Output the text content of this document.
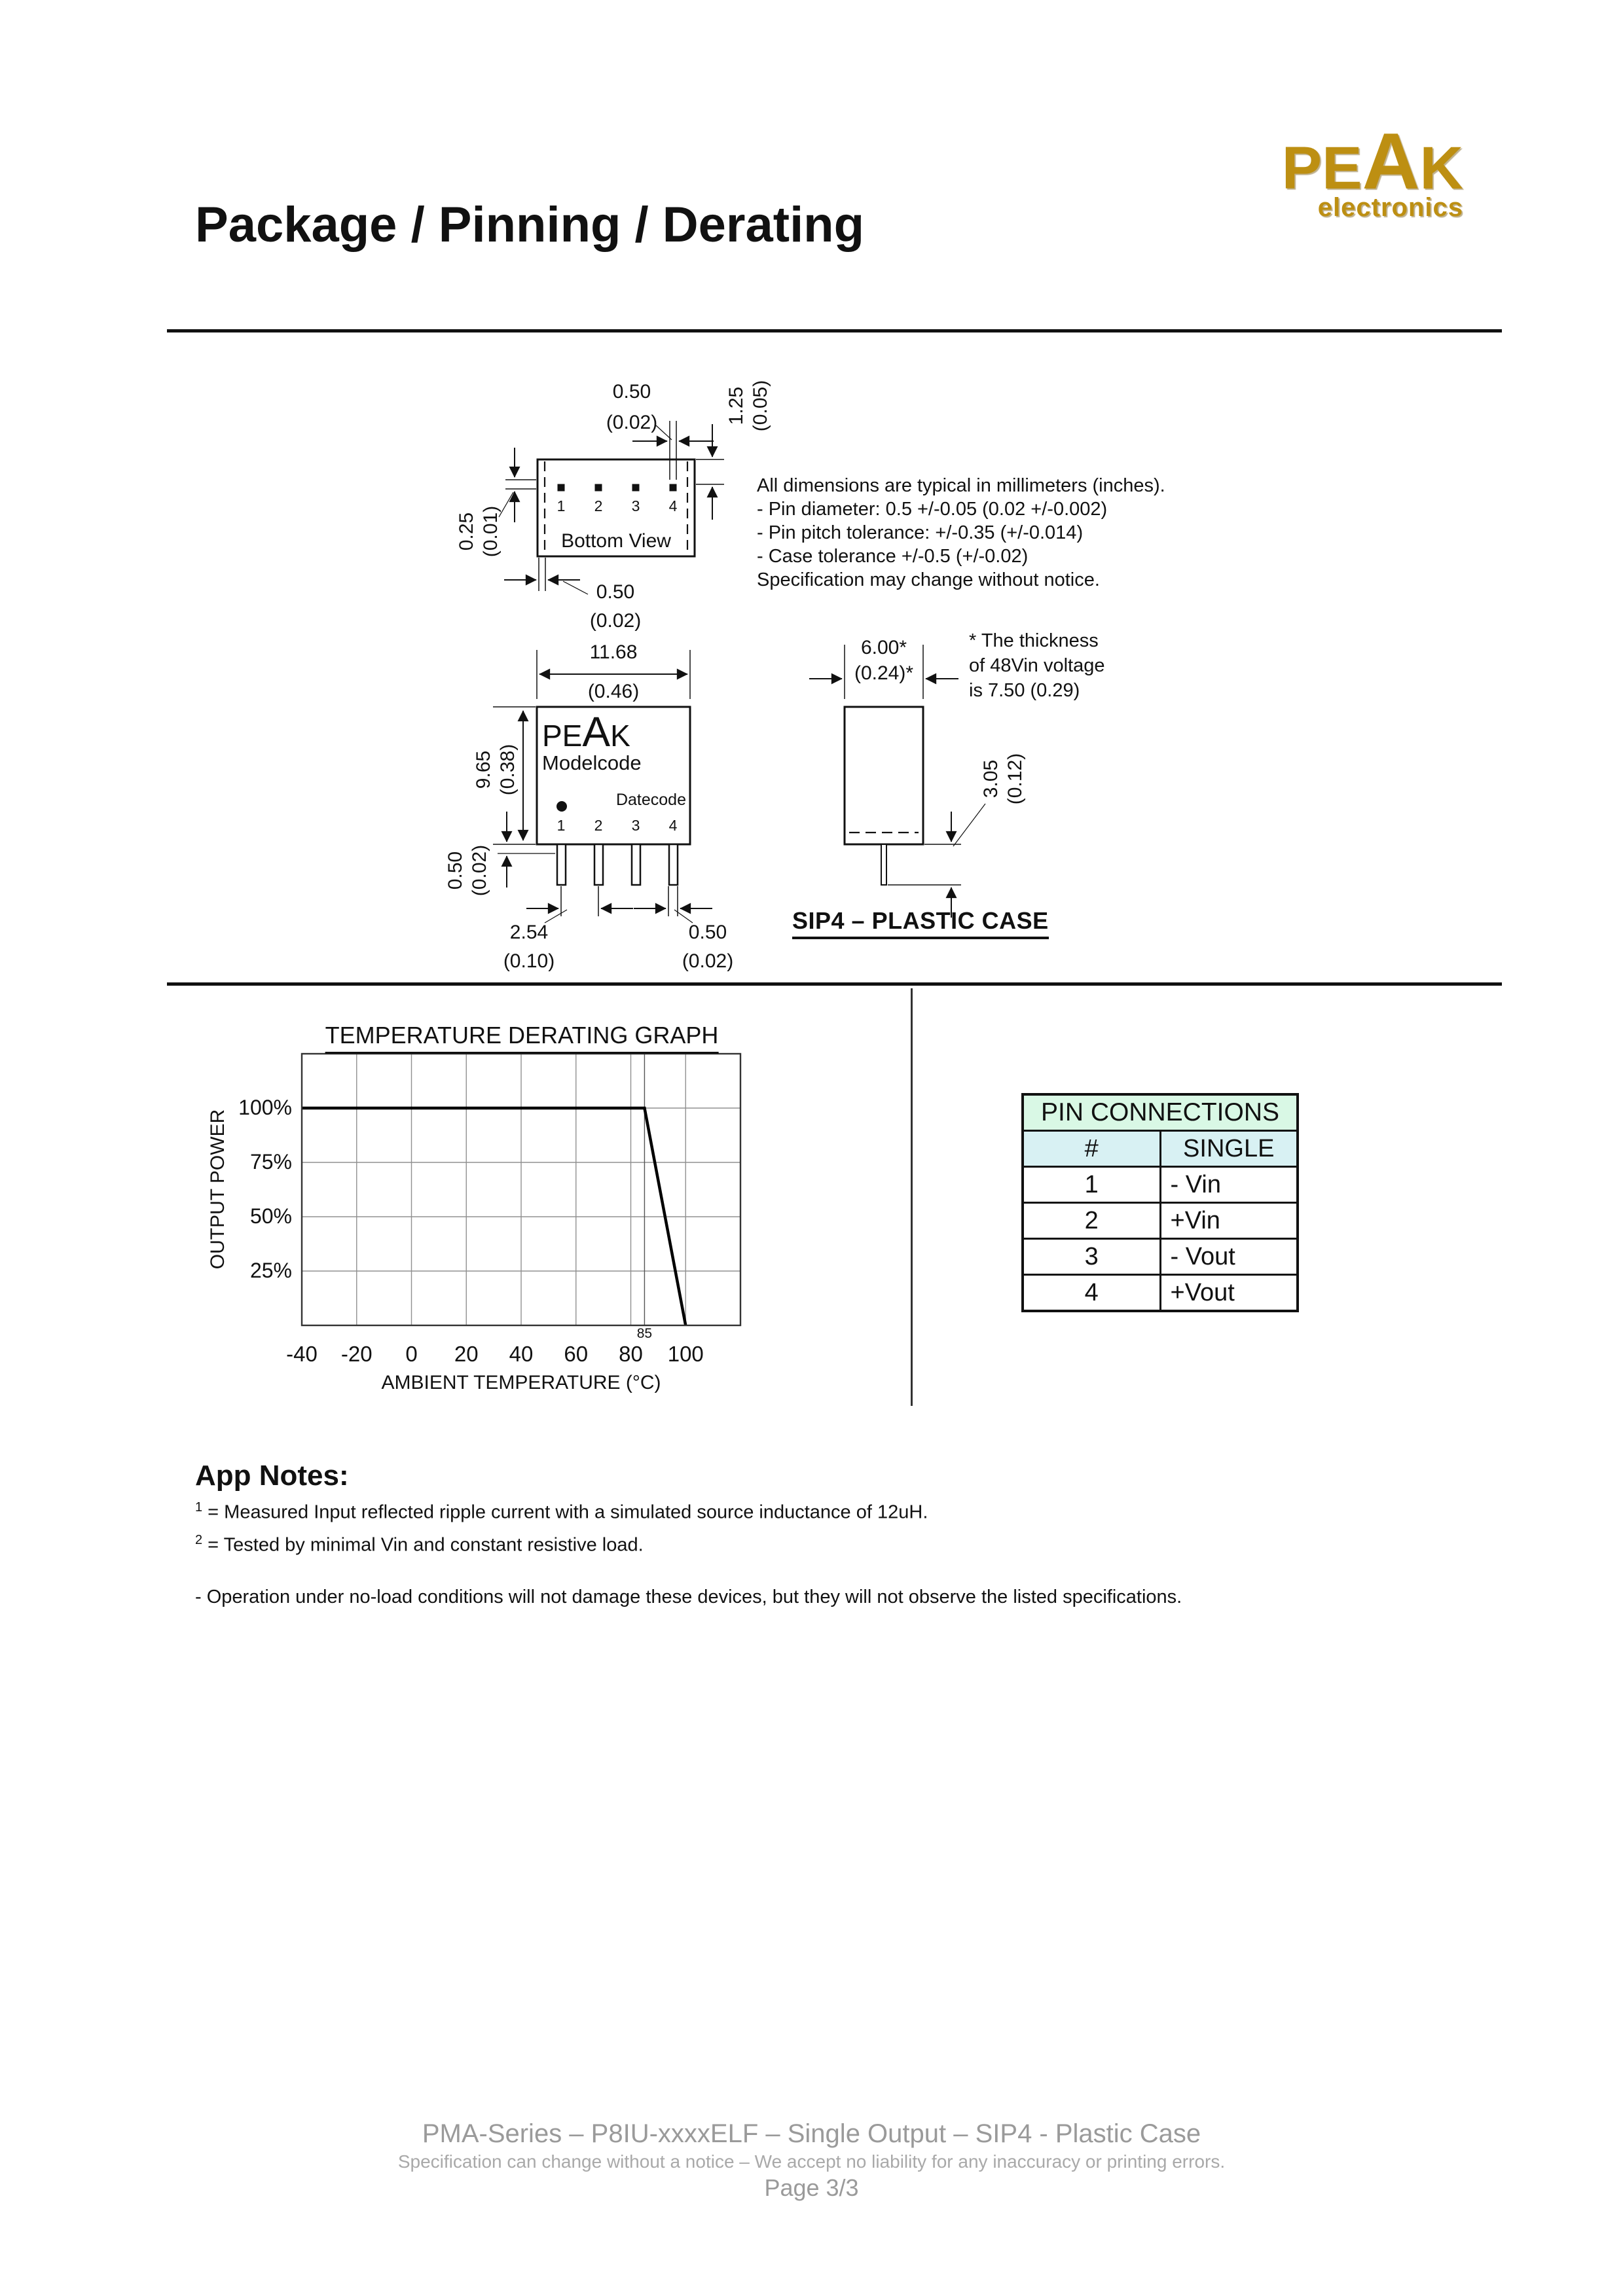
Package / Pinning / Derating
PEAK
electronics
0.50
(0.02)	1.25 (0.05)
0.25 (0.01)
0.50
(0.02)
1 2 3 4
Bottom View
All dimensions are typical in millimeters (inches).
- Pin diameter: 0.5 +/-0.05 (0.02 +/-0.002)
- Pin pitch tolerance: +/-0.35 (+/-0.014)
- Case tolerance +/-0.5 (+/-0.02)
Specification may change without notice.
11.68
(0.46)
9.65 (0.38)
0.50 (0.02)
PEAK
Modelcode
Datecode
1 2 3 4
2.54
(0.10)
0.50
(0.02)
6.00*
(0.24)*
* The thickness
of 48Vin voltage
is 7.50 (0.29)
3.05 (0.12)
SIP4 – PLASTIC CASE
TEMPERATURE DERATING GRAPH
OUTPUT POWER
AMBIENT TEMPERATURE (°C)
-40 -20 0 20 40 60 80 100
100%
75%
50%
25%
85
PIN CONNECTIONS	
#	SINGLE
1	- Vin
2	+Vin
3	- Vout
4	+Vout
App Notes:
$^1$ = Measured Input reflected ripple current with a simulated source inductance of 12uH.
$^2$ = Tested by minimal Vin and constant resistive load.
- Operation under no-load conditions will not damage these devices, but they will not observe the listed specifications.
PMA-Series – P8IU-xxxxELF – Single Output – SIP4 - Plastic Case
Specification can change without a notice – We accept no liability for any inaccuracy or printing errors.
Page 3/3
